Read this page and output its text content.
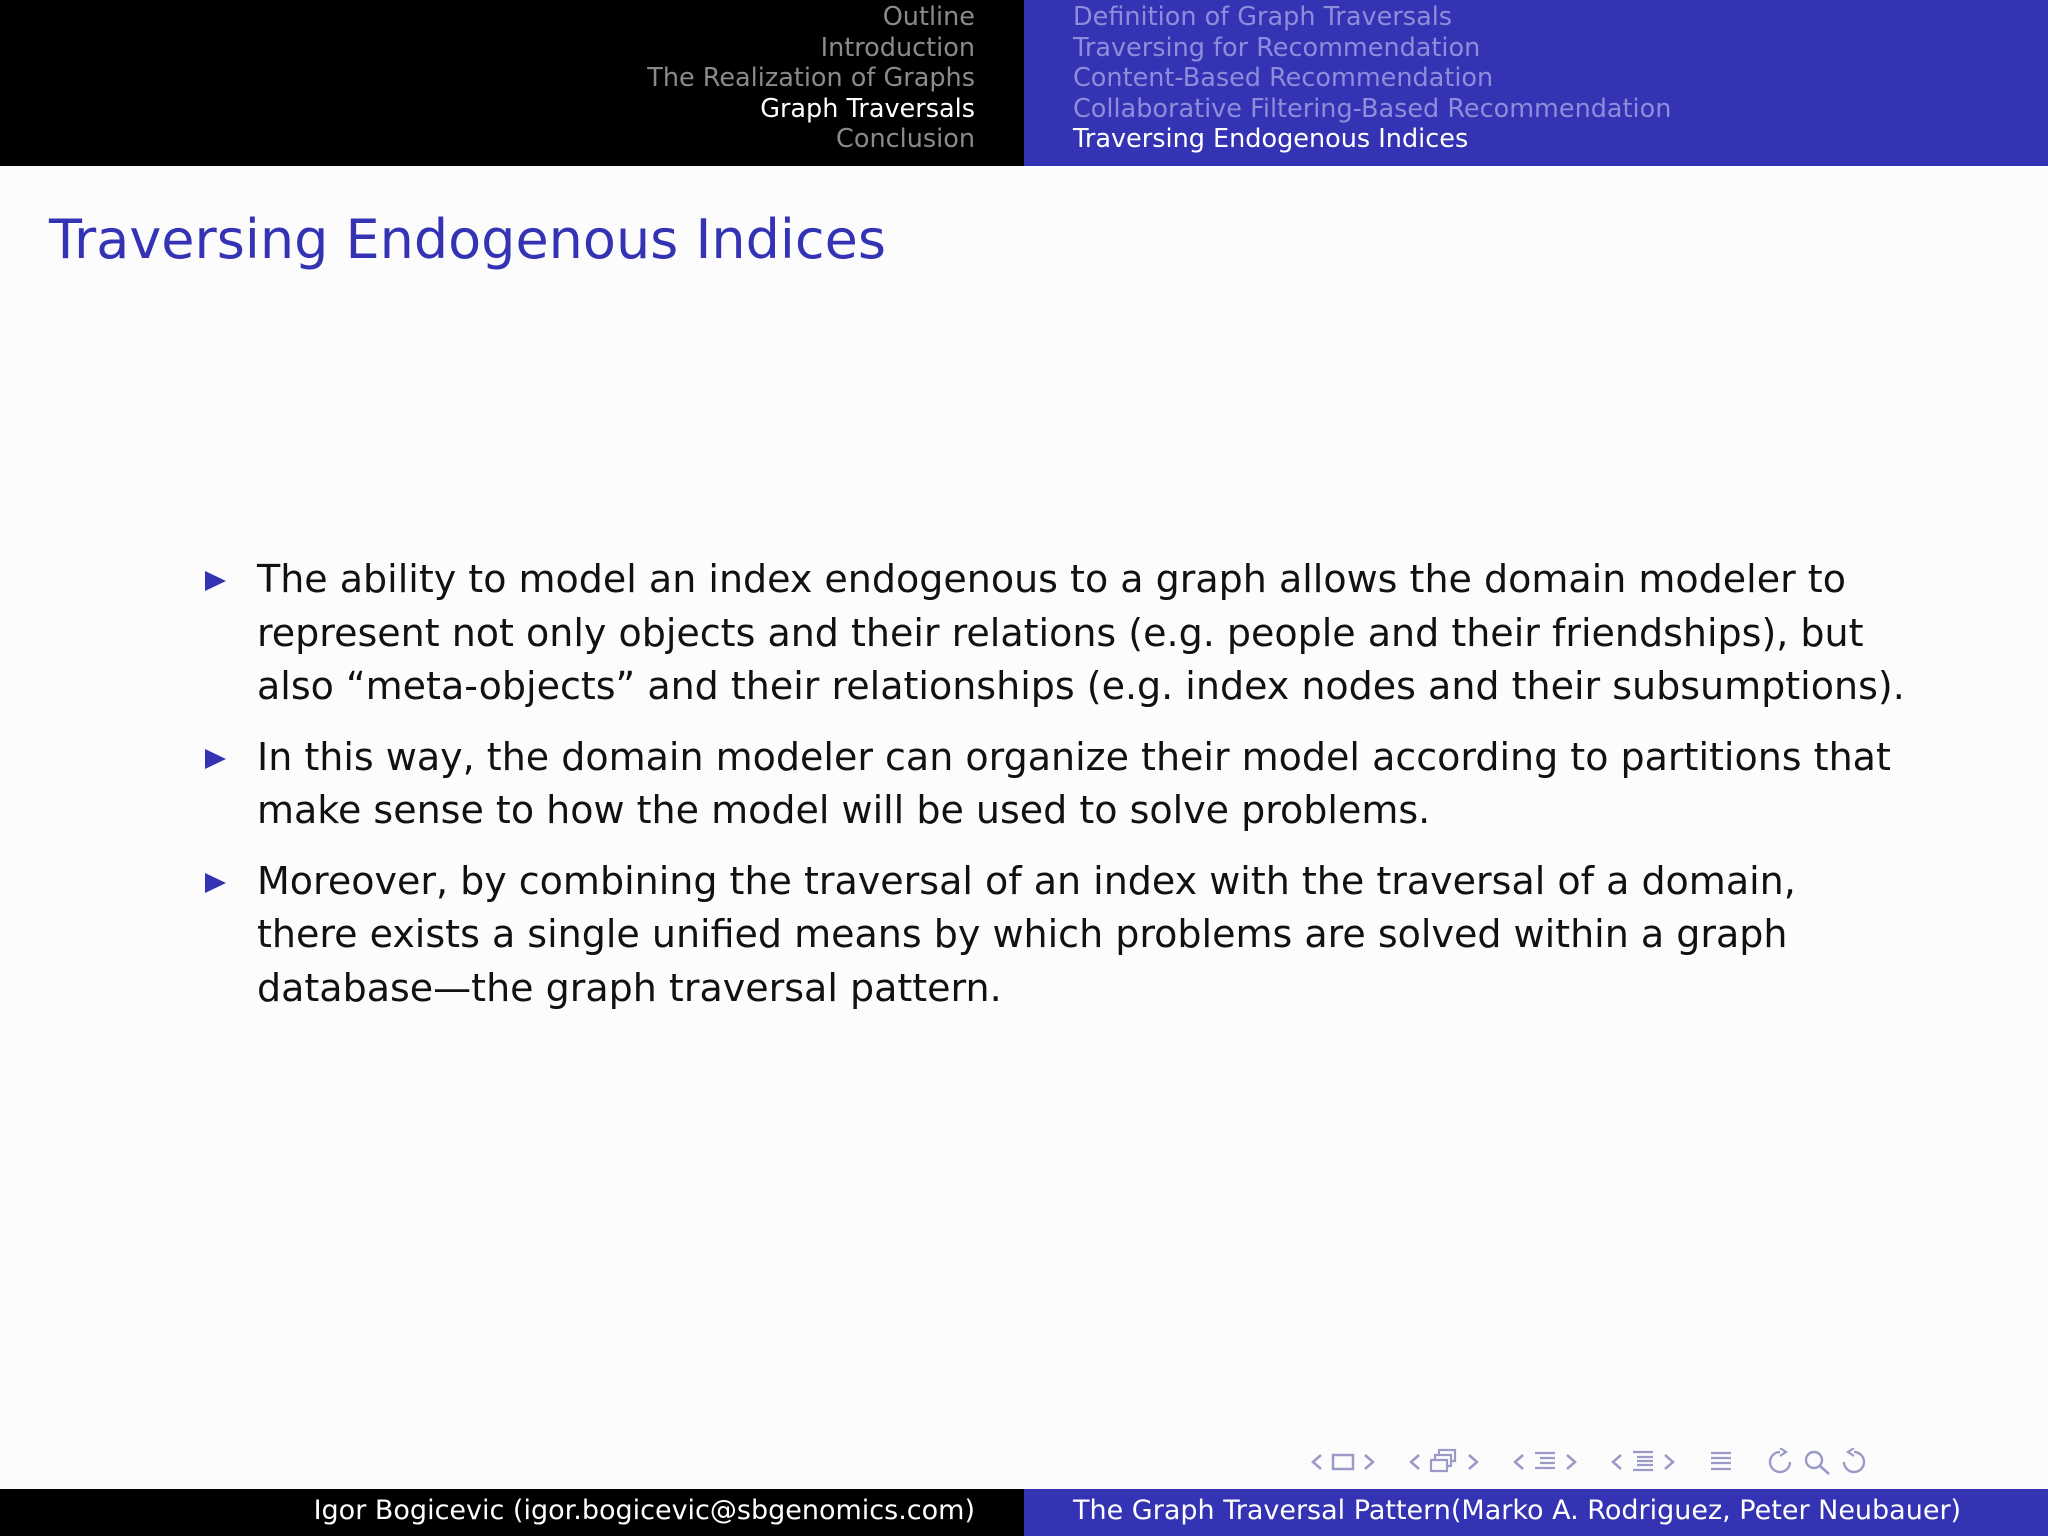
Outline
Introduction
The Realization of Graphs
Graph Traversals
Conclusion
Definition of Graph Traversals
Traversing for Recommendation
Content-Based Recommendation
Collaborative Filtering-Based Recommendation
Traversing Endogenous Indices
Traversing Endogenous Indices
The ability to model an index endogenous to a graph allows the domain modeler to represent not only objects and their relations (e.g. people and their friendships), but also “meta-objects” and their relationships (e.g. index nodes and their subsumptions).
In this way, the domain modeler can organize their model according to partitions that make sense to how the model will be used to solve problems.
Moreover, by combining the traversal of an index with the traversal of a domain, there exists a single unified means by which problems are solved within a graph database—the graph traversal pattern.
Igor Bogicevic (igor.bogicevic@sbgenomics.com)	The Graph Traversal Pattern(Marko A. Rodriguez, Peter Neubauer)
